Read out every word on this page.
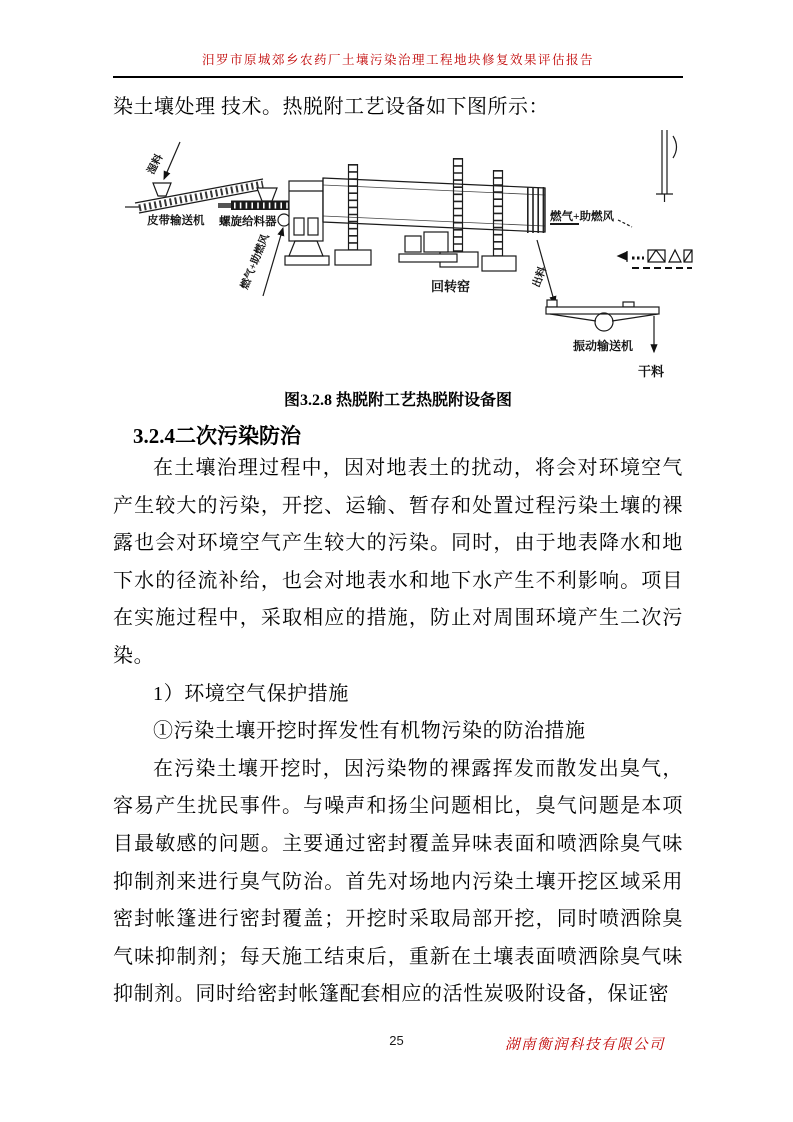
汨罗市原城郊乡农药厂土壤污染治理工程地块修复效果评估报告

染土壤处理 技术。热脱附工艺设备如下图所示：

湿料
皮带输送机 螺旋给料器
燃气+助燃风	回转窑
燃气+助燃风
出料
振动输送机
干料
图3.2.8 热脱附工艺热脱附设备图
3.2.4二次污染防治

在土壤治理过程中，因对地表土的扰动，将会对环境空气产生较大的污染，开挖、运输、暂存和处置过程污染土壤的裸露也会对环境空气产生较大的污染。同时，由于地表降水和地下水的径流补给，也会对地表水和地下水产生不利影响。项目在实施过程中，采取相应的措施，防止对周围环境产生二次污染。

1）环境空气保护措施

①污染土壤开挖时挥发性有机物污染的防治措施

在污染土壤开挖时，因污染物的裸露挥发而散发出臭气，容易产生扰民事件。与噪声和扬尘问题相比，臭气问题是本项目最敏感的问题。主要通过密封覆盖异味表面和喷洒除臭气味抑制剂来进行臭气防治。首先对场地内污染土壤开挖区域采用密封帐篷进行密封覆盖；开挖时采取局部开挖，同时喷洒除臭气味抑制剂；每天施工结束后，重新在土壤表面喷洒除臭气味抑制剂。同时给密封帐篷配套相应的活性炭吸附设备，保证密

25	湖南衡润科技有限公司
